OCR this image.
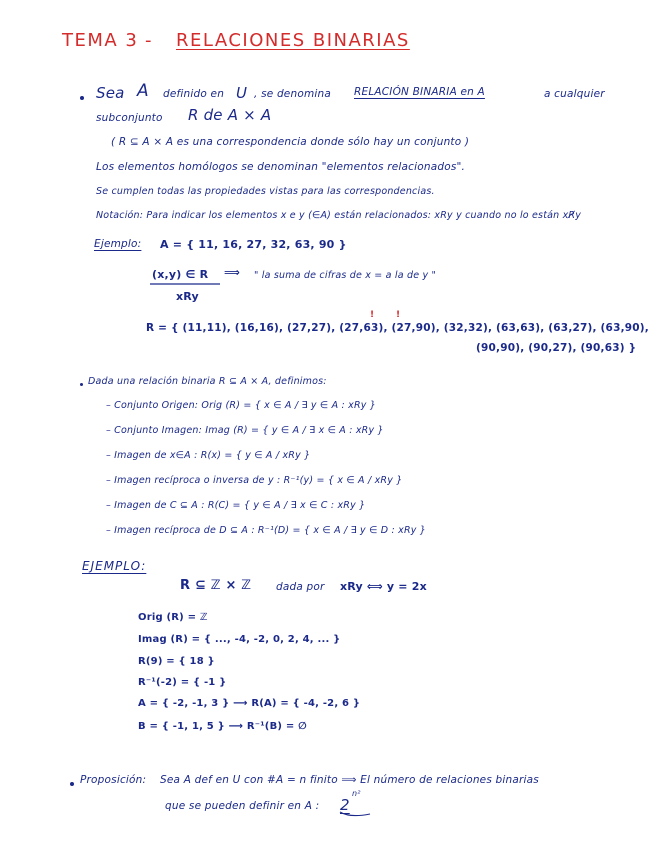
TEMA 3 - RELACIONES BINARIAS
Sea A definido en U , se denomina RELACIÓN BINARIA en A	a cualquier
subconjunto R de A × A
( R ⊆ A × A es una correspondencia donde sólo hay un conjunto )
Los elementos homólogos se denominan "elementos relacionados".
Se cumplen todas las propiedades vistas para las correspondencias.
Notación: Para indicar los elementos x e y (∈A) están relacionados: xRy y cuando no lo están xR̸y
Ejemplo: A = { 11, 16, 27, 32, 63, 90 }
(x,y) ∈ R ⟹ " la suma de cifras de x = a la de y "
xRy
! !
R = { (11,11), (16,16), (27,27), (27,63), (27,90), (32,32), (63,63), (63,27), (63,90),
(90,90), (90,27), (90,63) }
Dada una relación binaria R ⊆ A × A, definimos:
– Conjunto Origen: Orig (R) = { x ∈ A / ∃ y ∈ A : xRy }
– Conjunto Imagen: Imag (R) = { y ∈ A / ∃ x ∈ A : xRy }
– Imagen de x∈A : R(x) = { y ∈ A / xRy }
– Imagen recíproca o inversa de y : R⁻¹(y) = { x ∈ A / xRy }
– Imagen de C ⊆ A : R(C) = { y ∈ A / ∃ x ∈ C : xRy }
– Imagen recíproca de D ⊆ A : R⁻¹(D) = { x ∈ A / ∃ y ∈ D : xRy }
EJEMPLO:
R ⊆ ℤ × ℤ dada por xRy ⟺ y = 2x
Orig (R) = ℤ
Imag (R) = { ..., -4, -2, 0, 2, 4, ... }
R(9) = { 18 }
R⁻¹(-2) = { -1 }
A = { -2, -1, 3 } ⟶ R(A) = { -4, -2, 6 }
B = { -1, 1, 5 } ⟶ R⁻¹(B) = ∅
Proposición: Sea A def en U con #A = n finito ⟹ El número de relaciones binarias
que se pueden definir en A : 2
n²
